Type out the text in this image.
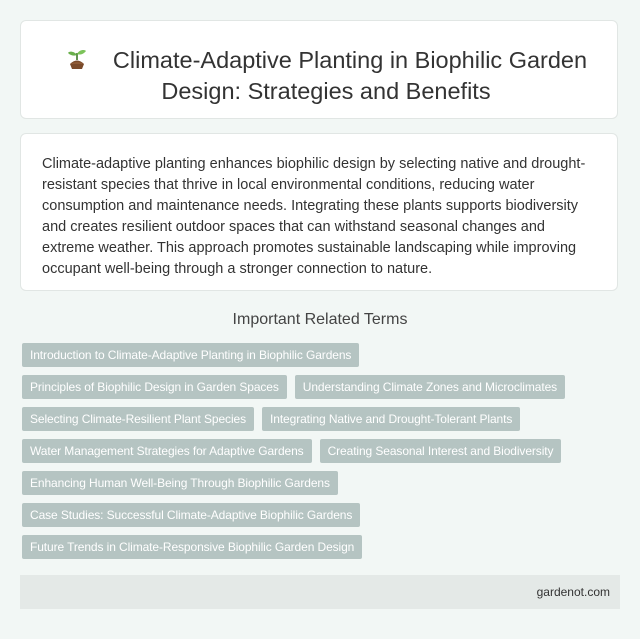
Climate-Adaptive Planting in Biophilic Garden Design: Strategies and Benefits
Climate-adaptive planting enhances biophilic design by selecting native and drought-resistant species that thrive in local environmental conditions, reducing water consumption and maintenance needs. Integrating these plants supports biodiversity and creates resilient outdoor spaces that can withstand seasonal changes and extreme weather. This approach promotes sustainable landscaping while improving occupant well-being through a stronger connection to nature.
Important Related Terms
Introduction to Climate-Adaptive Planting in Biophilic Gardens
Principles of Biophilic Design in Garden Spaces	Understanding Climate Zones and Microclimates
Selecting Climate-Resilient Plant Species	Integrating Native and Drought-Tolerant Plants
Water Management Strategies for Adaptive Gardens	Creating Seasonal Interest and Biodiversity
Enhancing Human Well-Being Through Biophilic Gardens
Case Studies: Successful Climate-Adaptive Biophilic Gardens
Future Trends in Climate-Responsive Biophilic Garden Design
gardenot.com
